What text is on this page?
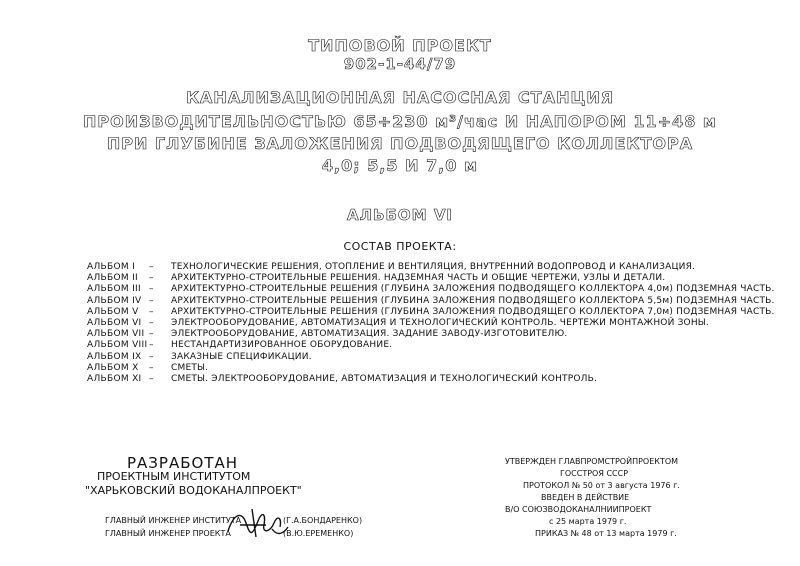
ТИПОВОЙ ПРОЕКТ
902-1-44/79
КАНАЛИЗАЦИОННАЯ НАСОСНАЯ СТАНЦИЯ
ПРОИЗВОДИТЕЛЬНОСТЬЮ 65÷230 м³/час И НАПОРОМ 11÷48 м
ПРИ ГЛУБИНЕ ЗАЛОЖЕНИЯ ПОДВОДЯЩЕГО КОЛЛЕКТОРА
4,0; 5,5 И 7,0 м
АЛЬБОМ VI
СОСТАВ ПРОЕКТА:
АЛЬБОМ I – ТЕХНОЛОГИЧЕСКИЕ РЕШЕНИЯ, ОТОПЛЕНИЕ И ВЕНТИЛЯЦИЯ, ВНУТРЕННИЙ ВОДОПРОВОД И КАНАЛИЗАЦИЯ.
АЛЬБОМ II – АРХИТЕКТУРНО-СТРОИТЕЛЬНЫЕ РЕШЕНИЯ. НАДЗЕМНАЯ ЧАСТЬ И ОБЩИЕ ЧЕРТЕЖИ, УЗЛЫ И ДЕТАЛИ.
АЛЬБОМ III – АРХИТЕКТУРНО-СТРОИТЕЛЬНЫЕ РЕШЕНИЯ (ГЛУБИНА ЗАЛОЖЕНИЯ ПОДВОДЯЩЕГО КОЛЛЕКТОРА 4,0м) ПОДЗЕМНАЯ ЧАСТЬ.
АЛЬБОМ IV – АРХИТЕКТУРНО-СТРОИТЕЛЬНЫЕ РЕШЕНИЯ (ГЛУБИНА ЗАЛОЖЕНИЯ ПОДВОДЯЩЕГО КОЛЛЕКТОРА 5,5м) ПОДЗЕМНАЯ ЧАСТЬ.
АЛЬБОМ V – АРХИТЕКТУРНО-СТРОИТЕЛЬНЫЕ РЕШЕНИЯ (ГЛУБИНА ЗАЛОЖЕНИЯ ПОДВОДЯЩЕГО КОЛЛЕКТОРА 7,0м) ПОДЗЕМНАЯ ЧАСТЬ.
АЛЬБОМ VI – ЭЛЕКТРООБОРУДОВАНИЕ, АВТОМАТИЗАЦИЯ И ТЕХНОЛОГИЧЕСКИЙ КОНТРОЛЬ. ЧЕРТЕЖИ МОНТАЖНОЙ ЗОНЫ.
АЛЬБОМ VII – ЭЛЕКТРООБОРУДОВАНИЕ, АВТОМАТИЗАЦИЯ. ЗАДАНИЕ ЗАВОДУ-ИЗГОТОВИТЕЛЮ.
АЛЬБОМ VIII – НЕСТАНДАРТИЗИРОВАННОЕ ОБОРУДОВАНИЕ.
АЛЬБОМ IX – ЗАКАЗНЫЕ СПЕЦИФИКАЦИИ.
АЛЬБОМ X – СМЕТЫ.
АЛЬБОМ XI – СМЕТЫ. ЭЛЕКТРООБОРУДОВАНИЕ, АВТОМАТИЗАЦИЯ И ТЕХНОЛОГИЧЕСКИЙ КОНТРОЛЬ.
РАЗРАБОТАН
ПРОЕКТНЫМ ИНСТИТУТОМ
"ХАРЬКОВСКИЙ ВОДОКАНАЛПРОЕКТ"
ГЛАВНЫЙ ИНЖЕНЕР ИНСТИТУТА	(Г.А.БОНДАРЕНКО)
ГЛАВНЫЙ ИНЖЕНЕР ПРОЕКТА	(В.Ю.ЕРЕМЕНКО)
УТВЕРЖДЕН ГЛАВПРОМСТРОЙПРОЕКТОМ
ГОССТРОЯ СССР
ПРОТОКОЛ № 50 от 3 августа 1976 г.
ВВЕДЕН В ДЕЙСТВИЕ
В/О СОЮЗВОДОКАНАЛНИИПРОЕКТ
с 25 марта 1979 г.
ПРИКАЗ № 48 от 13 марта 1979 г.
